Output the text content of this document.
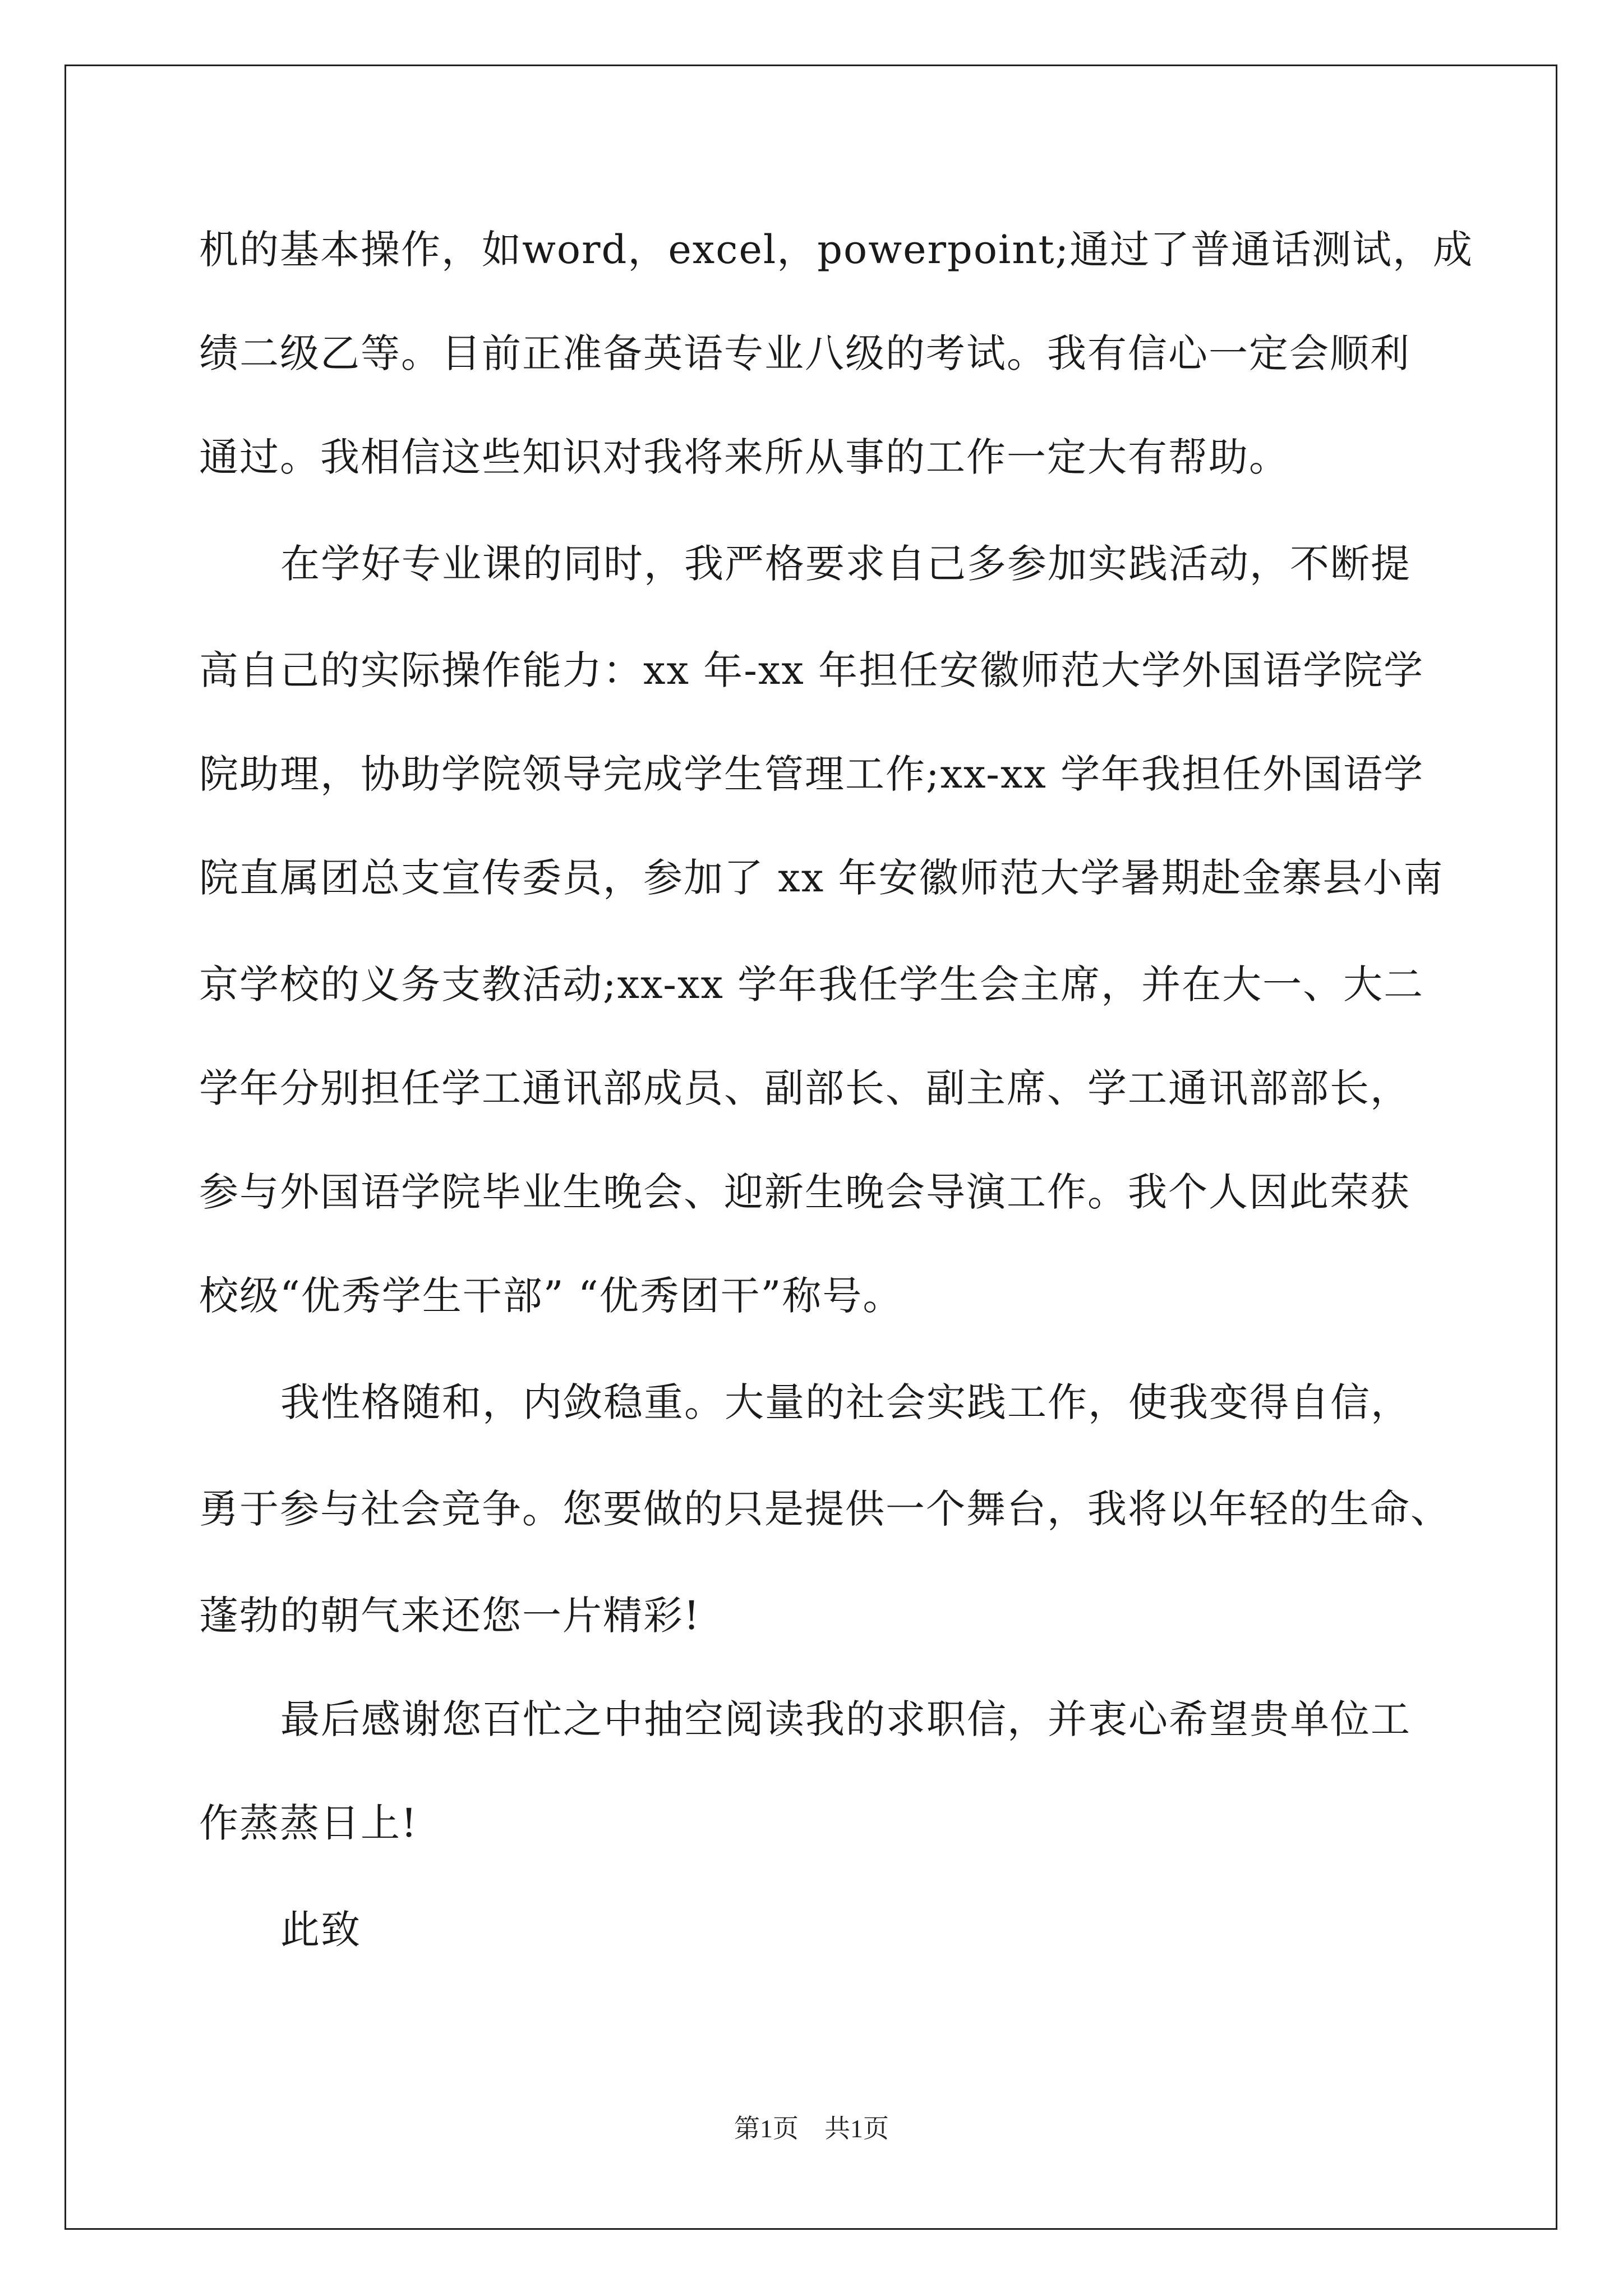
机的基本操作，如word，excel，powerpoint;通过了普通话测试，成
绩二级乙等。目前正准备英语专业八级的考试。我有信心一定会顺利
通过。我相信这些知识对我将来所从事的工作一定大有帮助。
在学好专业课的同时，我严格要求自己多参加实践活动，不断提
高自己的实际操作能力：xx 年-xx 年担任安徽师范大学外国语学院学
院助理，协助学院领导完成学生管理工作;xx-xx 学年我担任外国语学
院直属团总支宣传委员，参加了 xx 年安徽师范大学暑期赴金寨县小南
京学校的义务支教活动;xx-xx 学年我任学生会主席，并在大一、大二
学年分别担任学工通讯部成员、副部长、副主席、学工通讯部部长，
参与外国语学院毕业生晚会、迎新生晚会导演工作。我个人因此荣获
校级“优秀学生干部” “优秀团干”称号。
我性格随和，内敛稳重。大量的社会实践工作，使我变得自信，
勇于参与社会竞争。您要做的只是提供一个舞台，我将以年轻的生命、
蓬勃的朝气来还您一片精彩!
最后感谢您百忙之中抽空阅读我的求职信，并衷心希望贵单位工
作蒸蒸日上!
此致
第1页　共1页
